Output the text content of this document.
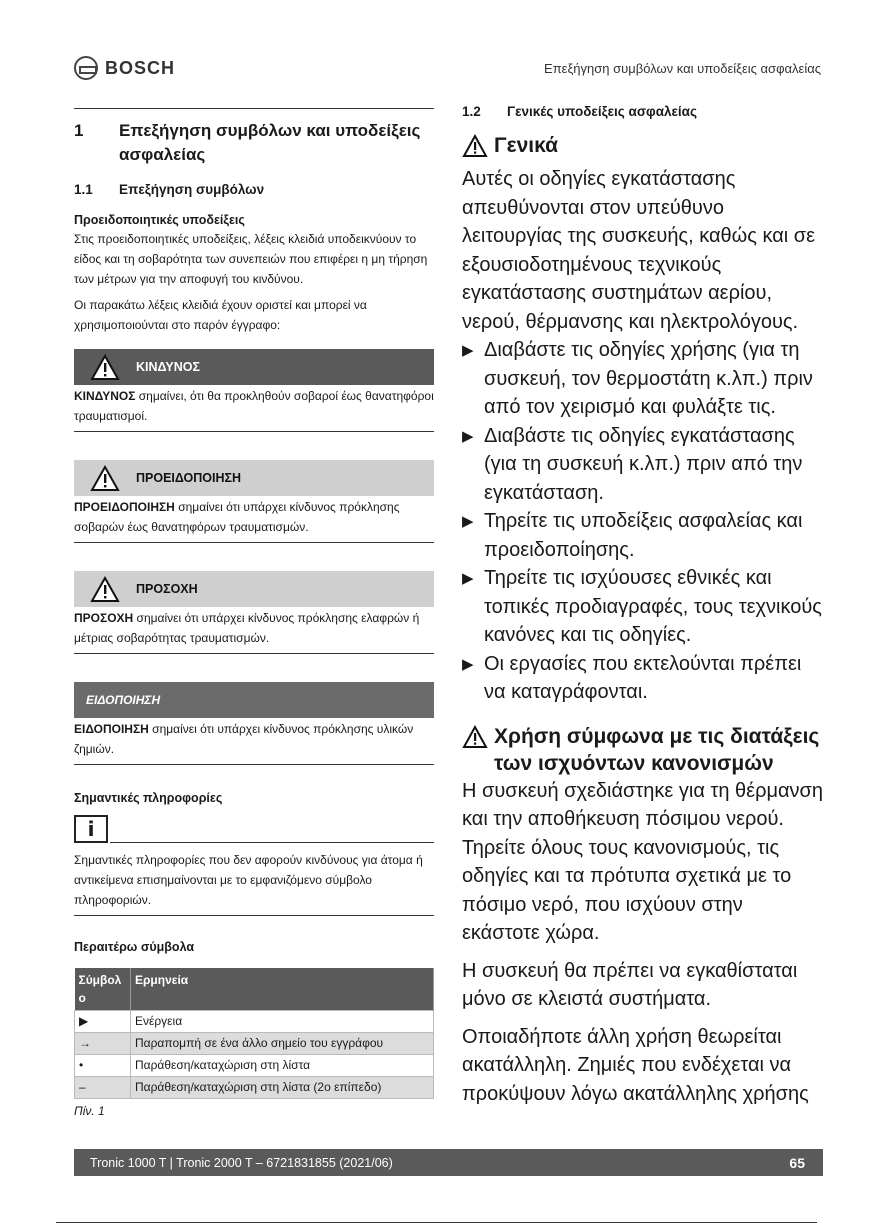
BOSCH	Επεξήγηση συμβόλων και υποδείξεις ασφαλείας
1	Επεξήγηση συμβόλων και υποδείξεις ασφαλείας
1.1	Επεξήγηση συμβόλων
Προειδοποιητικές υποδείξεις

Στις προειδοποιητικές υποδείξεις, λέξεις κλειδιά υποδεικνύουν το είδος και τη σοβαρότητα των συνεπειών που επιφέρει η μη τήρηση των μέτρων για την αποφυγή του κινδύνου.

Οι παρακάτω λέξεις κλειδιά έχουν οριστεί και μπορεί να χρησιμοποιούνται στο παρόν έγγραφο:

ΚΙΝΔΥΝΟΣ
ΚΙΝΔΥΝΟΣ σημαίνει, ότι θα προκληθούν σοβαροί έως θανατηφόροι τραυματισμοί.
ΠΡΟΕΙΔΟΠΟΙΗΣΗ
ΠΡΟΕΙΔΟΠΟΙΗΣΗ σημαίνει ότι υπάρχει κίνδυνος πρόκλησης σοβαρών έως θανατηφόρων τραυματισμών.
ΠΡΟΣΟΧΗ
ΠΡΟΣΟΧΗ σημαίνει ότι υπάρχει κίνδυνος πρόκλησης ελαφρών ή μέτριας σοβαρότητας τραυματισμών.
ΕΙΔΟΠΟΙΗΣΗ
ΕΙΔΟΠΟΙΗΣΗ σημαίνει ότι υπάρχει κίνδυνος πρόκλησης υλικών ζημιών.
Σημαντικές πληροφορίες
i
Σημαντικές πληροφορίες που δεν αφορούν κινδύνους για άτομα ή αντικείμενα επισημαίνονται με το εμφανιζόμενο σύμβολο πληροφοριών.
Περαιτέρω σύμβολα
Σύμβολ ο	Ερμηνεία
▶	Ενέργεια
→	Παραπομπή σε ένα άλλο σημείο του εγγράφου
•	Παράθεση/καταχώριση στη λίστα
–	Παράθεση/καταχώριση στη λίστα (2ο επίπεδο)
Πίν. 1
1.2	Γενικές υποδείξεις ασφαλείας
Γενικά

Αυτές οι οδηγίες εγκατάστασης απευθύνονται στον υπεύθυνο λειτουργίας της συσκευής, καθώς και σε εξουσιοδοτημένους τεχνικούς εγκατάστασης συστημάτων αερίου, νερού, θέρμανσης και ηλεκτρολόγους.

▶ Διαβάστε τις οδηγίες χρήσης (για τη συσκευή, τον θερμοστάτη κ.λπ.) πριν από τον χειρισμό και φυλάξτε τις.
▶ Διαβάστε τις οδηγίες εγκατάστασης (για τη συσκευή κ.λπ.) πριν από την εγκατάσταση.
▶ Τηρείτε τις υποδείξεις ασφαλείας και προειδοποίησης.
▶ Τηρείτε τις ισχύουσες εθνικές και τοπικές προδιαγραφές, τους τεχνικούς κανόνες και τις οδηγίες.
▶ Οι εργασίες που εκτελούνται πρέπει να καταγράφονται.
Χρήση σύμφωνα με τις διατάξεις των ισχυόντων κανονισμών

Η συσκευή σχεδιάστηκε για τη θέρμανση και την αποθήκευση πόσιμου νερού. Τηρείτε όλους τους κανονισμούς, τις οδηγίες και τα πρότυπα σχετικά με το πόσιμο νερό, που ισχύουν στην εκάστοτε χώρα.

Η συσκευή θα πρέπει να εγκαθίσταται μόνο σε κλειστά συστήματα.

Οποιαδήποτε άλλη χρήση θεωρείται ακατάλληλη. Ζημιές που ενδέχεται να προκύψουν λόγω ακατάλληλης χρήσης

Tronic 1000 T | Tronic 2000 T – 6721831855 (2021/06)	65
